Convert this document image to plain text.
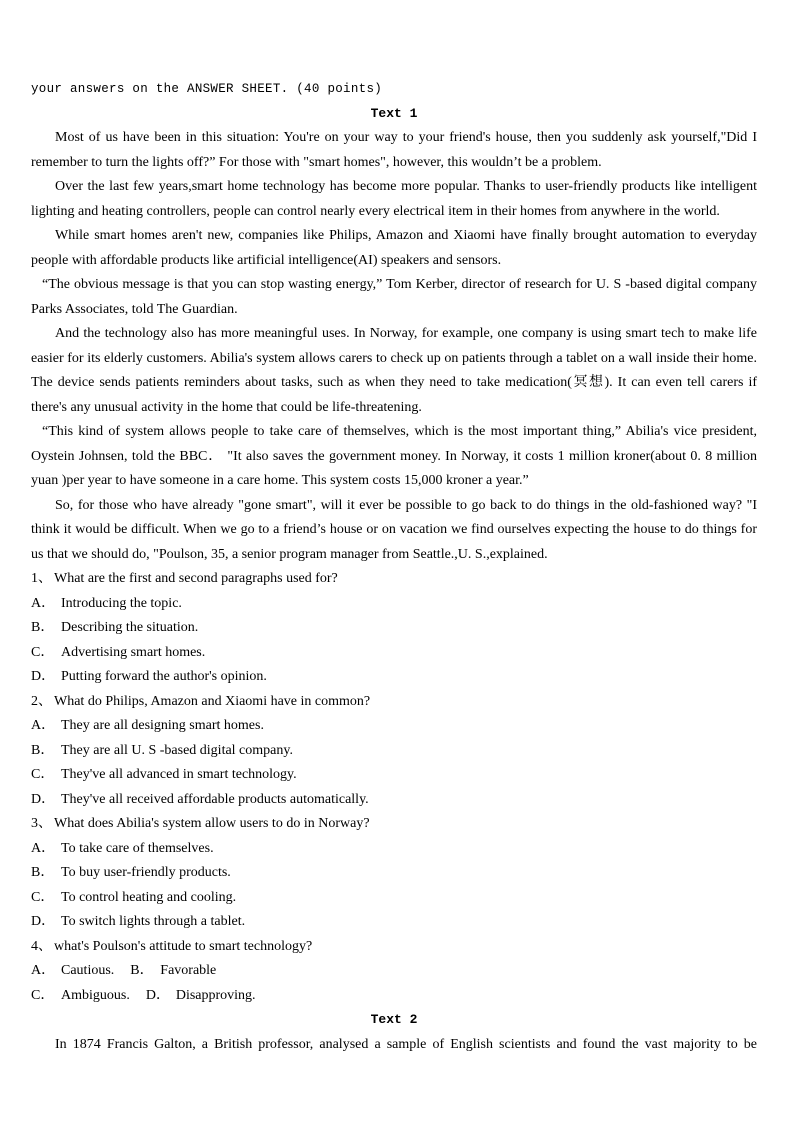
your answers on the ANSWER SHEET. (40 points)
Text 1

Most of us have been in this situation: You're on your way to your friend's house, then you suddenly ask yourself,"Did I remember to turn the lights off?” For those with "smart homes", however, this wouldn’t be a problem.

Over the last few years,smart home technology has become more popular. Thanks to user-friendly products like intelligent lighting and heating controllers, people can control nearly every electrical item in their homes from anywhere in the world.

While smart homes aren't new, companies like Philips, Amazon and Xiaomi have finally brought automation to everyday people with affordable products like artificial intelligence(AI) speakers and sensors.

“The obvious message is that you can stop wasting energy,” Tom Kerber, director of research for U. S -based digital company Parks Associates, told The Guardian.

And the technology also has more meaningful uses. In Norway, for example, one company is using smart tech to make life easier for its elderly customers. Abilia's system allows carers to check up on patients through a tablet on a wall inside their home. The device sends patients reminders about tasks, such as when they need to take medication(冥想). It can even tell carers if there's any unusual activity in the home that could be life-threatening.

“This kind of system allows people to take care of themselves, which is the most important thing,” Abilia's vice president, Oystein Johnsen, told the BBC． "It also saves the government money. In Norway, it costs 1 million kroner(about 0. 8 million yuan )per year to have someone in a care home. This system costs 15,000 kroner a year.”

So, for those who have already "gone smart", will it ever be possible to go back to do things in the old-fashioned way? "I think it would be difficult. When we go to a friend’s house or on vacation we find ourselves expecting the house to do things for us that we should do, "Poulson, 35, a senior program manager from Seattle.,U. S.,explained.

1、 What are the first and second paragraphs used for?
A． Introducing the topic.
B． Describing the situation.
C． Advertising smart homes.
D． Putting forward the author's opinion.
2、 What do Philips, Amazon and Xiaomi have in common?
A． They are all designing smart homes.
B． They are all U. S -based digital company.
C． They've all advanced in smart technology.
D． They've all received affordable products automatically.
3、 What does Abilia's system allow users to do in Norway?
A． To take care of themselves.
B． To buy user-friendly products.
C． To control heating and cooling.
D． To switch lights through a tablet.
4、 what's Poulson's attitude to smart technology?
A． Cautious. B． Favorable
C． Ambiguous. D． Disapproving.
Text 2

In 1874 Francis Galton, a British professor, analysed a sample of English scientists and found the vast majority to be
